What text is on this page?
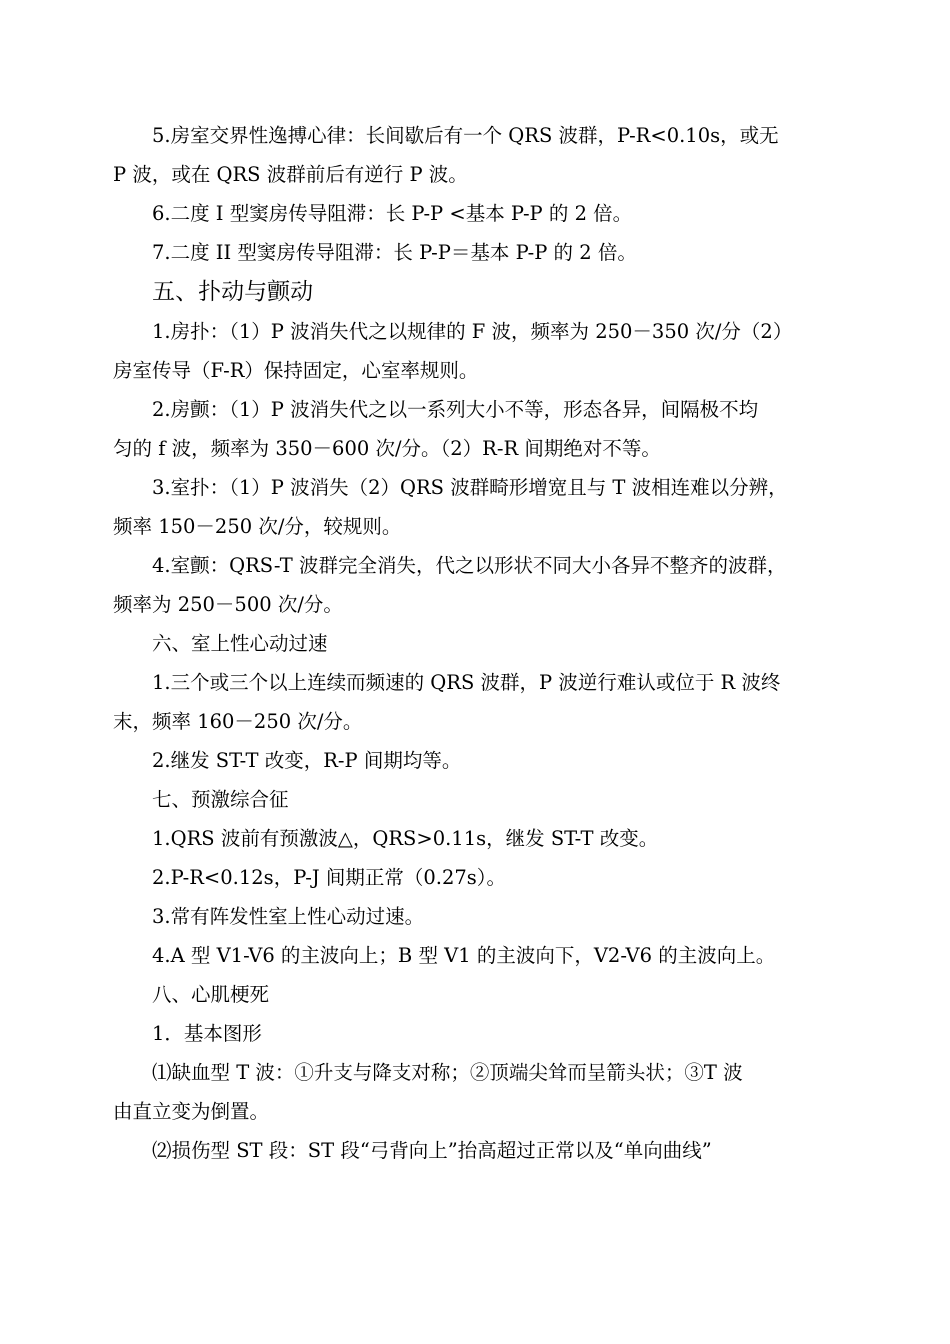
5.房室交界性逸搏心律：长间歇后有一个 QRS 波群，P-R<0.10s，或无
P 波，或在 QRS 波群前后有逆行 P 波。

6.二度 I 型窦房传导阻滞：长 P-P <基本 P-P 的 2 倍。

7.二度 II 型窦房传导阻滞：长 P-P＝基本 P-P 的 2 倍。

五、扑动与颤动

1.房扑：（1）P 波消失代之以规律的 F 波，频率为 250－350 次/分（2）
房室传导（F-R）保持固定，心室率规则。

2.房颤：（1）P 波消失代之以一系列大小不等，形态各异，间隔极不均
匀的 f 波，频率为 350－600 次/分。（2）R-R 间期绝对不等。

3.室扑：（1）P 波消失（2）QRS 波群畸形增宽且与 T 波相连难以分辨，
频率 150－250 次/分，较规则。

4.室颤：QRS-T 波群完全消失，代之以形状不同大小各异不整齐的波群，
频率为 250－500 次/分。

六、室上性心动过速

1.三个或三个以上连续而频速的 QRS 波群，P 波逆行难认或位于 R 波终
末，频率 160－250 次/分。

2.继发 ST-T 改变，R-P 间期均等。

七、预激综合征

1.QRS 波前有预激波△，QRS>0.11s，继发 ST-T 改变。

2.P-R<0.12s，P-J 间期正常（0.27s）。

3.常有阵发性室上性心动过速。

4.A 型 V1-V6 的主波向上；B 型 V1 的主波向下，V2-V6 的主波向上。

八、心肌梗死

1．基本图形

⑴缺血型 T 波：①升支与降支对称；②顶端尖耸而呈箭头状；③T 波
由直立变为倒置。

⑵损伤型 ST 段：ST 段“弓背向上”抬高超过正常以及“单向曲线”
